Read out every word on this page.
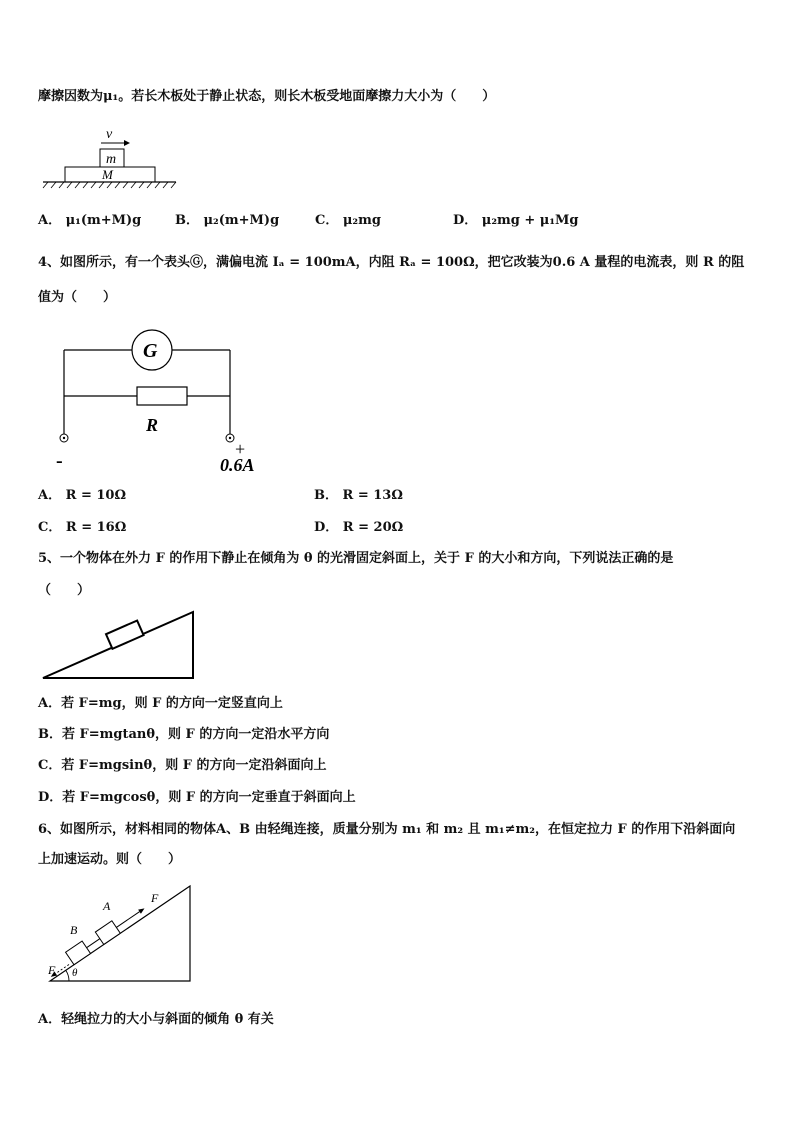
摩擦因数为μ₁。若长木板处于静止状态，则长木板受地面摩擦力大小为（　　）
v
m
M
A． μ₁(m+M)g	B． μ₂(m+M)g	C． μ₂mg	D． μ₂mg + μ₁Mg
4、如图所示，有一个表头Ⓖ，满偏电流 Iₐ = 100mA，内阻 Rₐ = 100Ω，把它改装为0.6 A 量程的电流表，则 R 的阻
值为（　　）
G
R
-
+
0.6A
A． R = 10Ω	B． R = 13Ω
C． R = 16Ω	D． R = 20Ω
5、一个物体在外力 F 的作用下静止在倾角为 θ 的光滑固定斜面上，关于 F 的大小和方向，下列说法正确的是
（　　）
A．若 F=mg，则 F 的方向一定竖直向上
B．若 F=mgtanθ，则 F 的方向一定沿水平方向
C．若 F=mgsinθ，则 F 的方向一定沿斜面向上
D．若 F=mgcosθ，则 F 的方向一定垂直于斜面向上
6、如图所示，材料相同的物体A、B 由轻绳连接，质量分别为 m₁ 和 m₂ 且 m₁≠m₂，在恒定拉力 F 的作用下沿斜面向
上加速运动。则（　　）
θ
A
B
F
F
A．轻绳拉力的大小与斜面的倾角 θ 有关
